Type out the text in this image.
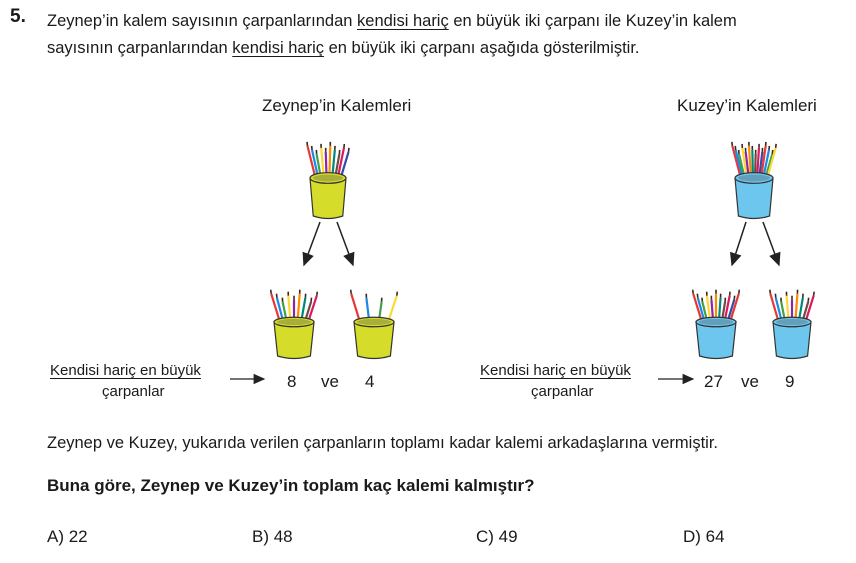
5. Zeynep’in kalem sayısının çarpanlarından kendisi hariç en büyük iki çarpanı ile Kuzey’in kalem
sayısının çarpanlarından kendisi hariç en büyük iki çarpanı aşağıda gösterilmiştir.
Zeynep’in Kalemleri
Kendisi hariç en büyük
çarpanlar
8 ve 4
Kuzey’in Kalemleri
Kendisi hariç en büyük
çarpanlar
27 ve 9
Zeynep ve Kuzey, yukarıda verilen çarpanların toplamı kadar kalemi arkadaşlarına vermiştir.
Buna göre, Zeynep ve Kuzey’in toplam kaç kalemi kalmıştır?
A) 22	B) 48	C) 49	D) 64
